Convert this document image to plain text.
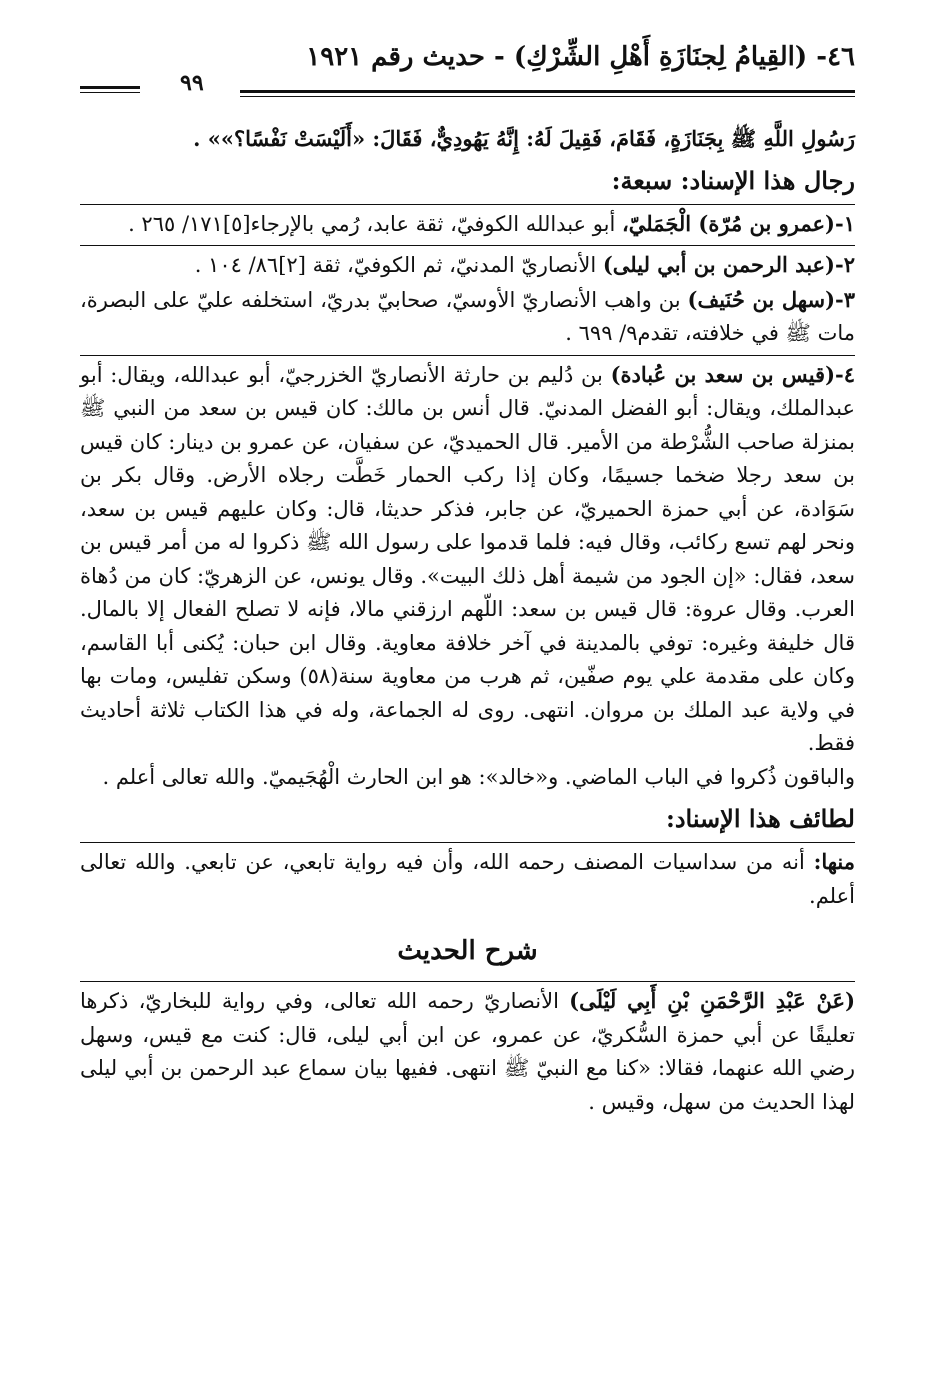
٤٦- (القِيامُ لِجنَازَةِ أَهْلِ الشِّرْكِ) - حديث رقم ١٩٢١
٩٩

رَسُولِ اللَّهِ ﷺ بِجَنَازَةٍ، فَقَامَ، فَقِيلَ لَهُ: إِنَّهُ يَهُودِيٌّ، فَقَالَ: «أَلَيْسَتْ نَفْسًا؟»» .

رجال هذا الإسناد: سبعة:

١-(عمرو بن مُرّة) الْجَمَليّ، أبو عبدالله الكوفيّ، ثقة عابد، رُمي بالإرجاء[٥]١٧١/ ٢٦٥ .

٢-(عبد الرحمن بن أبي ليلى) الأنصاريّ المدنيّ، ثم الكوفيّ، ثقة [٢]٨٦/ ١٠٤ .

٣-(سهل بن حُنَيف) بن واهب الأنصاريّ الأوسيّ، صحابيّ بدريّ، استخلفه عليّ على البصرة، مات ﷺ في خلافته، تقدم٩/ ٦٩٩ .

٤-(قيس بن سعد بن عُبادة) بن دُليم بن حارثة الأنصاريّ الخزرجيّ، أبو عبدالله، ويقال: أبو عبدالملك، ويقال: أبو الفضل المدنيّ. قال أنس بن مالك: كان قيس بن سعد من النبي ﷺ بمنزلة صاحب الشُّرْطة من الأمير. قال الحميديّ، عن سفيان، عن عمرو بن دينار: كان قيس بن سعد رجلا ضخما جسيمًا، وكان إذا ركب الحمار خَطَّت رجلاه الأرض. وقال بكر بن سَوَادة، عن أبي حمزة الحميريّ، عن جابر، فذكر حديثا، قال: وكان عليهم قيس بن سعد، ونحر لهم تسع ركائب، وقال فيه: فلما قدموا على رسول الله ﷺ ذكروا له من أمر قيس بن سعد، فقال: «إن الجود من شيمة أهل ذلك البيت». وقال يونس، عن الزهريّ: كان من دُهاة العرب. وقال عروة: قال قيس بن سعد: اللّهم ارزقني مالا، فإنه لا تصلح الفعال إلا بالمال. قال خليفة وغيره: توفي بالمدينة في آخر خلافة معاوية. وقال ابن حبان: يُكنى أبا القاسم، وكان على مقدمة علي يوم صفّين، ثم هرب من معاوية سنة(٥٨) وسكن تفليس، ومات بها في ولاية عبد الملك بن مروان. انتهى. روى له الجماعة، وله في هذا الكتاب ثلاثة أحاديث فقط.

والباقون ذُكروا في الباب الماضي. و«خالد»: هو ابن الحارث الْهُجَيميّ. والله تعالى أعلم .

لطائف هذا الإسناد:

منها: أنه من سداسيات المصنف رحمه الله، وأن فيه رواية تابعي، عن تابعي. والله تعالى أعلم.

شرح الحديث

(عَنْ عَبْدِ الرَّحْمَنِ بْنِ أَبِي لَيْلَى) الأنصاريّ رحمه الله تعالى، وفي رواية للبخاريّ، ذكرها تعليقًا عن أبي حمزة السُّكريّ، عن عمرو، عن ابن أبي ليلى، قال: كنت مع قيس، وسهل رضي الله عنهما، فقالا: «كنا مع النبيّ ﷺ انتهى. ففيها بيان سماع عبد الرحمن بن أبي ليلى لهذا الحديث من سهل، وقيس .
